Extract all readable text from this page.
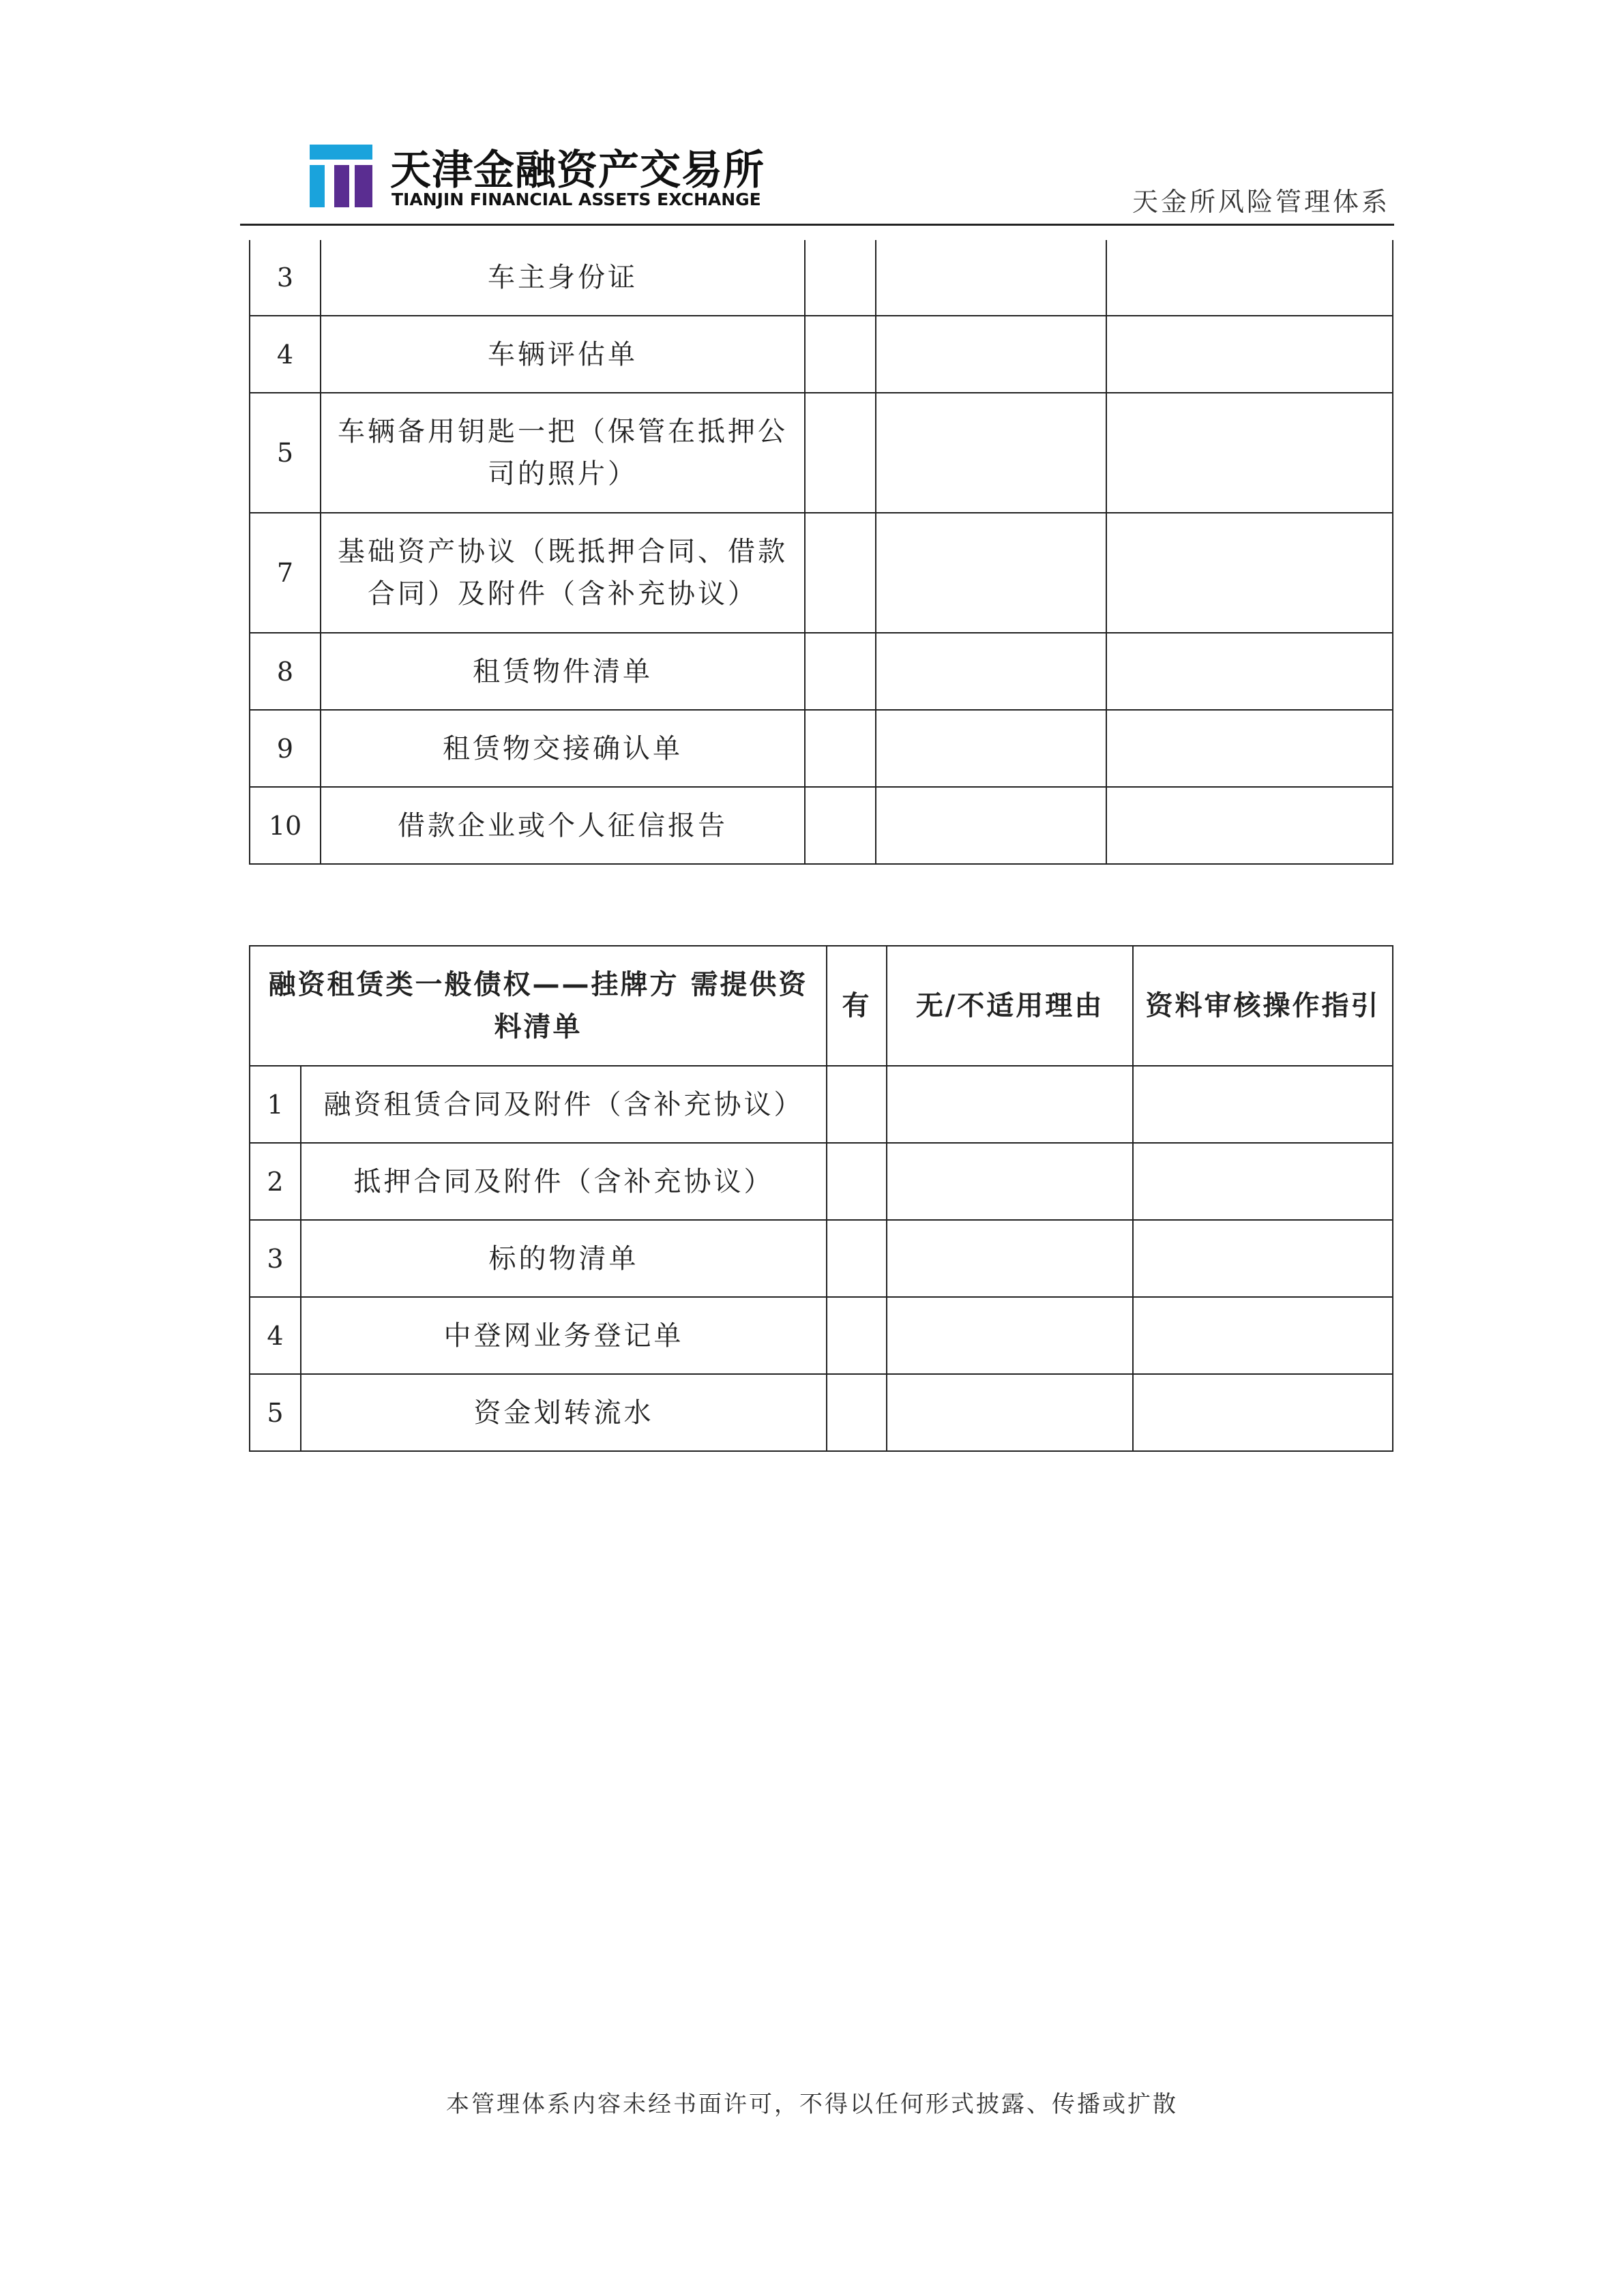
天津金融资产交易所
TIANJIN FINANCIAL ASSETS EXCHANGE	天金所风险管理体系
3	车主身份证			
4	车辆评估单			
5	车辆备用钥匙一把（保管在抵押公司的照片）			
7	基础资产协议（既抵押合同、借款合同）及附件（含补充协议）			
8	租赁物件清单			
9	租赁物交接确认单			
10	借款企业或个人征信报告			
融资租赁类一般债权——挂牌方 需提供资料清单		有	无/不适用理由	资料审核操作指引
1	融资租赁合同及附件（含补充协议）			
2	抵押合同及附件（含补充协议）			
3	标的物清单			
4	中登网业务登记单			
5	资金划转流水			
本管理体系内容未经书面许可，不得以任何形式披露、传播或扩散
